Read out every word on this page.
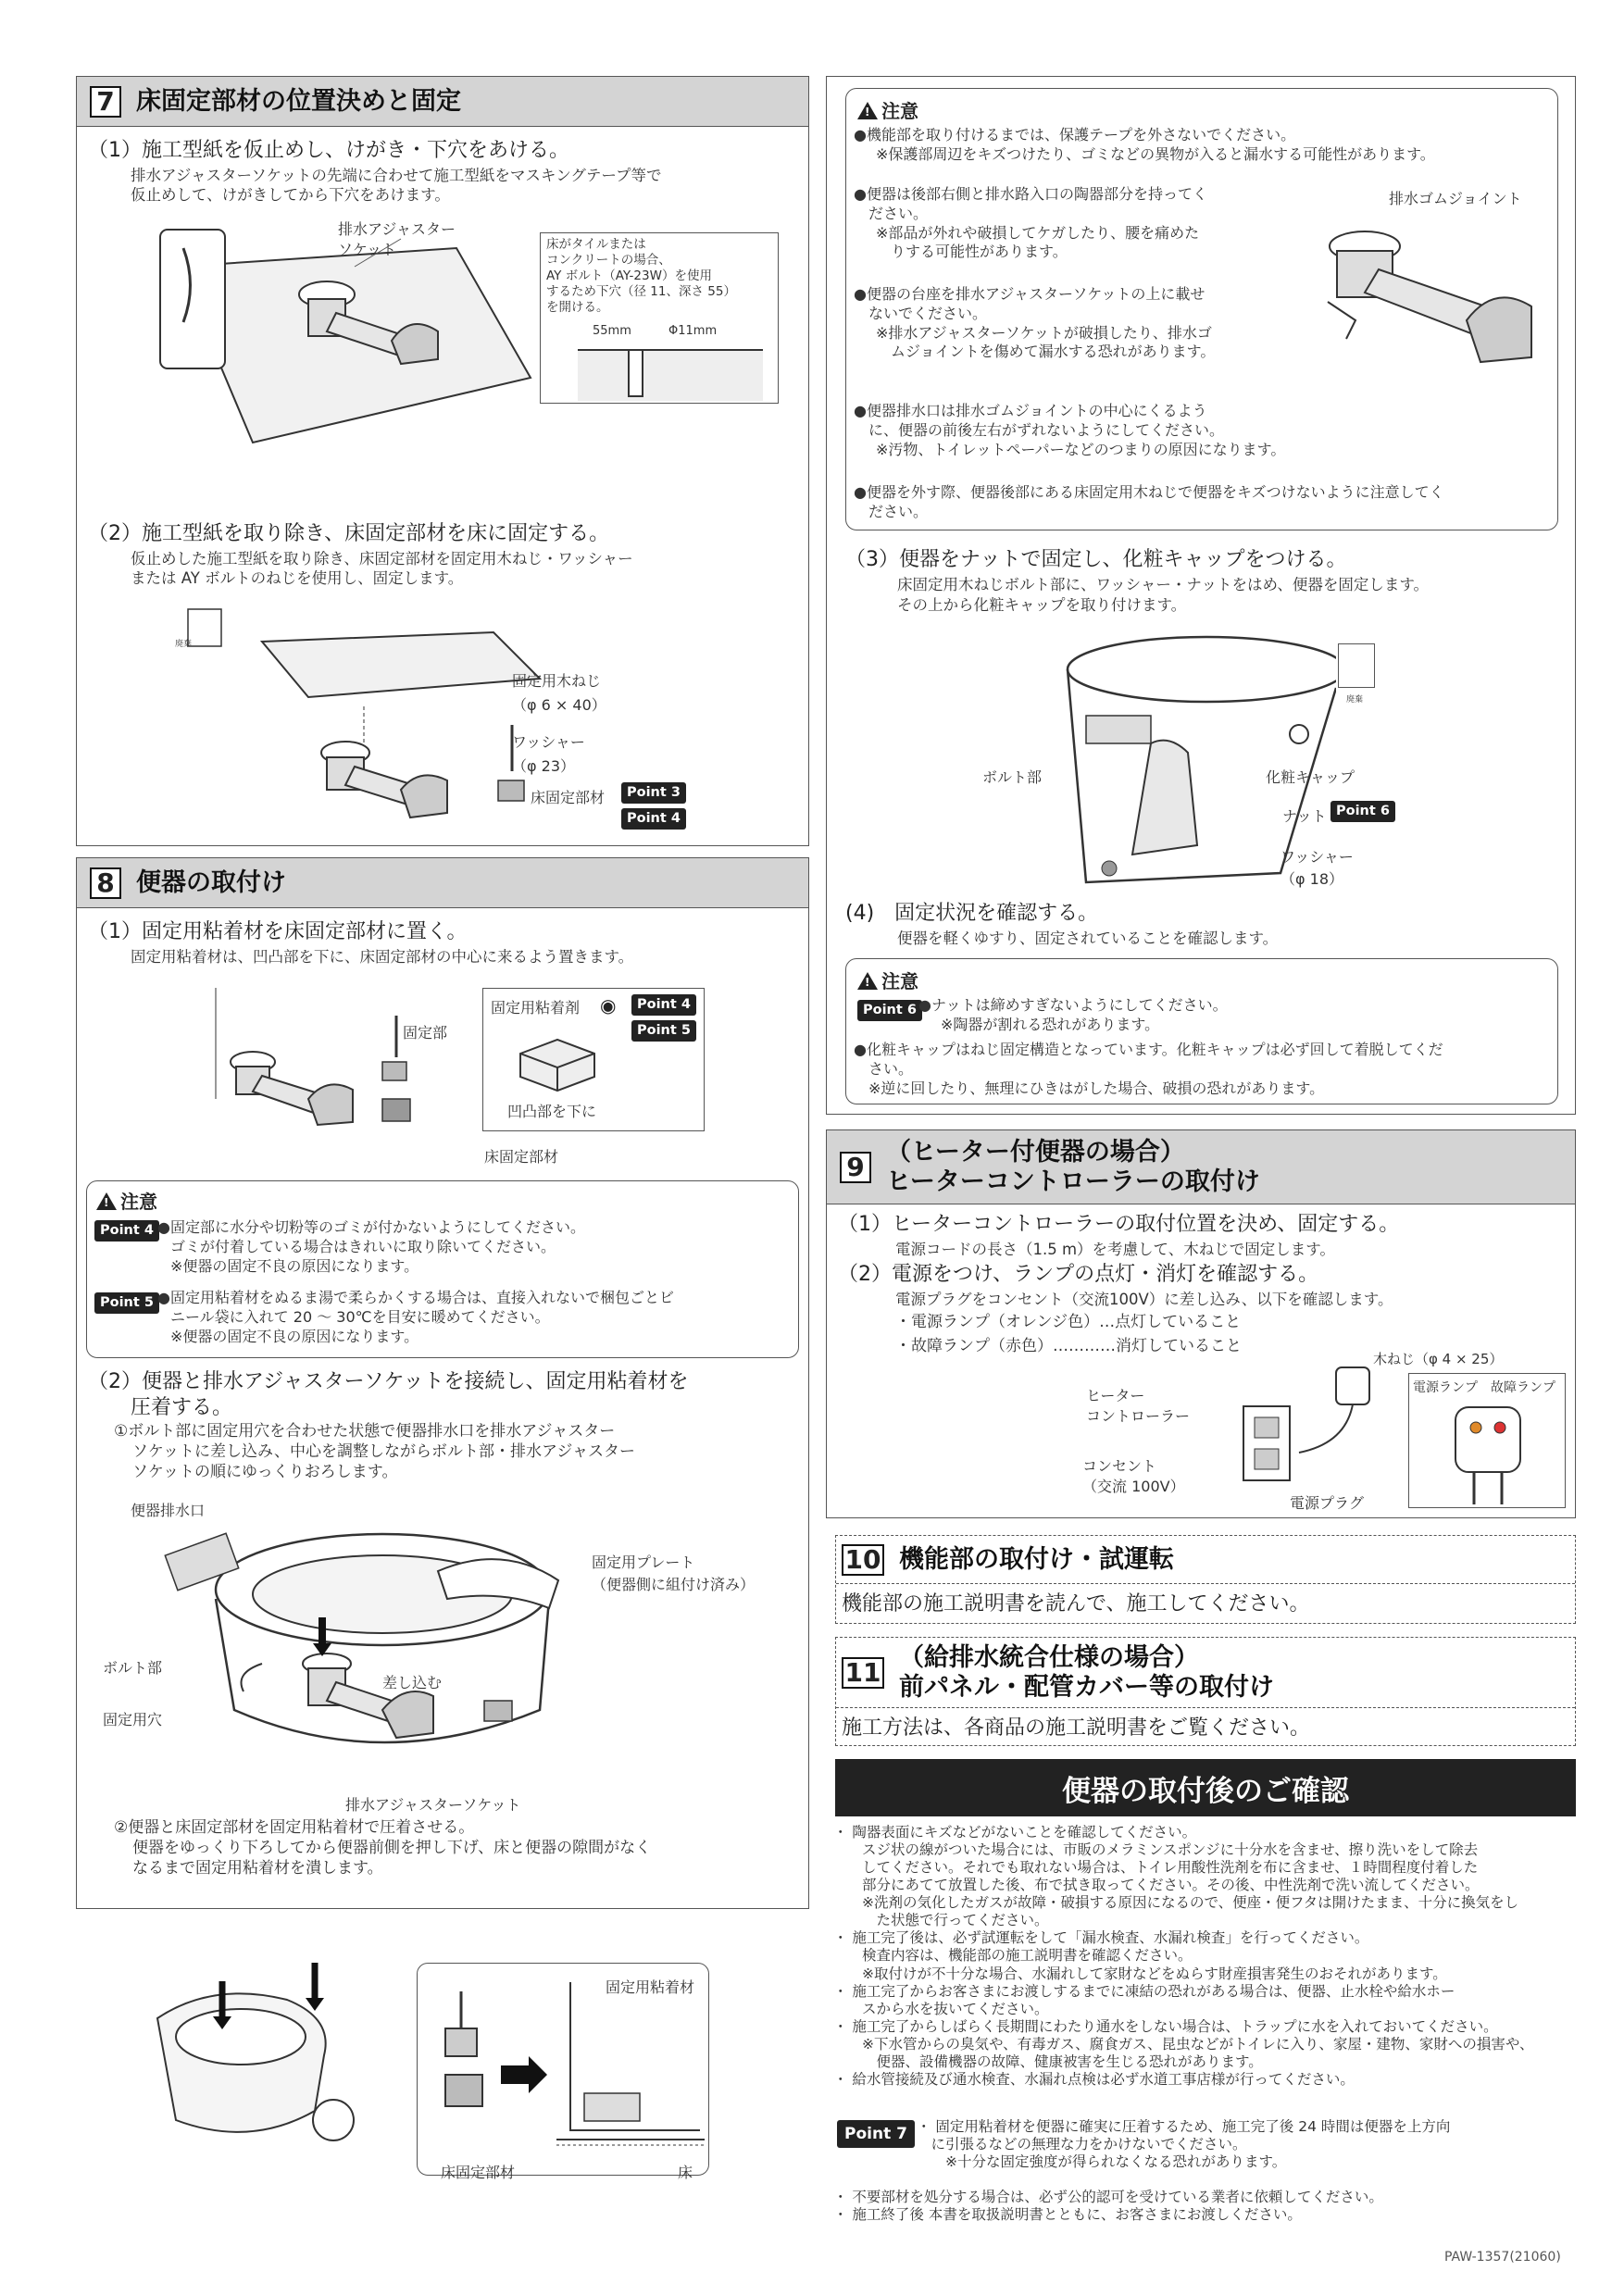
7 床固定部材の位置決めと固定
（1）施工型紙を仮止めし、けがき・下穴をあける。
排水アジャスターソケットの先端に合わせて施工型紙をマスキングテープ等で
仮止めして、けがきしてから下穴をあけます。
排水アジャスター
ソケット	床がタイルまたは
コンクリートの場合、
AY ボルト（AY-23W）を使用
するため下穴（径 11、深さ 55）
を開ける。
55mm	Φ11mm
（2）施工型紙を取り除き、床固定部材を床に固定する。
仮止めした施工型紙を取り除き、床固定部材を固定用木ねじ・ワッシャー
または AY ボルトのねじを使用し、固定します。
廃棄
固定用木ねじ
（φ 6 × 40）
ワッシャー
（φ 23）
床固定部材	Point 3
Point 4
8 便器の取付け
（1）固定用粘着材を床固定部材に置く。
固定用粘着材は、凹凸部を下に、床固定部材の中心に来るよう置きます。
固定部
固定用粘着剤 ◉	Point 4
Point 5
凹凸部を下に
床固定部材
!注意
Point 4 ●固定部に水分や切粉等のゴミが付かないようにしてください。
ゴミが付着している場合はきれいに取り除いてください。
※便器の固定不良の原因になります。
Point 5 ●固定用粘着材をぬるま湯で柔らかくする場合は、直接入れないで梱包ごとビ
ニール袋に入れて 20 ～ 30℃を目安に暖めてください。
※便器の固定不良の原因になります。
（2）便器と排水アジャスターソケットを接続し、固定用粘着材を
圧着する。
①ボルト部に固定用穴を合わせた状態で便器排水口を排水アジャスター
ソケットに差し込み、中心を調整しながらボルト部・排水アジャスター
ソケットの順にゆっくりおろします。
便器排水口
固定用プレート
（便器側に組付け済み）
ボルト部
差し込む
固定用穴
排水アジャスターソケット
②便器と床固定部材を固定用粘着材で圧着させる。
便器をゆっくり下ろしてから便器前側を押し下げ、床と便器の隙間がなく
なるまで固定用粘着材を潰します。
固定用粘着材
床固定部材	床
!注意
●機能部を取り付けるまでは、保護テープを外さないでください。
※保護部周辺をキズつけたり、ゴミなどの異物が入ると漏水する可能性があります。
●便器は後部右側と排水路入口の陶器部分を持ってく
ださい。
※部品が外れや破損してケガしたり、腰を痛めた
りする可能性があります。
排水ゴムジョイント
●便器の台座を排水アジャスターソケットの上に載せ
ないでください。
※排水アジャスターソケットが破損したり、排水ゴ
ムジョイントを傷めて漏水する恐れがあります。
●便器排水口は排水ゴムジョイントの中心にくるよう
に、便器の前後左右がずれないようにしてください。
※汚物、トイレットペーパーなどのつまりの原因になります。
●便器を外す際、便器後部にある床固定用木ねじで便器をキズつけないように注意してく
ださい。
（3）便器をナットで固定し、化粧キャップをつける。
床固定用木ねじボルト部に、ワッシャー・ナットをはめ、便器を固定します。
その上から化粧キャップを取り付けます。
廃棄
ボルト部	化粧キャップ
ナット Point 6
ワッシャー
（φ 18）
(4)　固定状況を確認する。
便器を軽くゆすり、固定されていることを確認します。
!注意
Point 6 ●ナットは締めすぎないようにしてください。
※陶器が割れる恐れがあります。
●化粧キャップはねじ固定構造となっています。化粧キャップは必ず回して着脱してくだ
さい。
※逆に回したり、無理にひきはがした場合、破損の恐れがあります。
9 （ヒーター付便器の場合）
ヒーターコントローラーの取付け
（1）ヒーターコントローラーの取付位置を決め、固定する。
電源コードの長さ（1.5 m）を考慮して、木ねじで固定します。
（2）電源をつけ、ランプの点灯・消灯を確認する。
電源プラグをコンセント（交流100V）に差し込み、以下を確認します。
・電源ランプ（オレンジ色）…点灯していること
・故障ランプ（赤色）…………消灯していること
木ねじ（φ 4 × 25）
ヒーター
コントローラー
コンセント
（交流 100V）
電源プラグ
電源ランプ 故障ランプ
10 機能部の取付け・試運転
機能部の施工説明書を読んで、施工してください。
11 （給排水統合仕様の場合）
前パネル・配管カバー等の取付け
施工方法は、各商品の施工説明書をご覧ください。
便器の取付後のご確認
・ 陶器表面にキズなどがないことを確認してください。
　　スジ状の線がついた場合には、市販のメラミンスポンジに十分水を含ませ、擦り洗いをして除去
　　してください。それでも取れない場合は、トイレ用酸性洗剤を布に含ませ、１時間程度付着した
　　部分にあてて放置した後、布で拭き取ってください。その後、中性洗剤で洗い流してください。
　　※洗剤の気化したガスが故障・破損する原因になるので、便座・便フタは開けたまま、十分に換気をし
　　　た状態で行ってください。
・ 施工完了後は、必ず試運転をして「漏水検査、水漏れ検査」を行ってください。
　　検査内容は、機能部の施工説明書を確認ください。
　　※取付けが不十分な場合、水漏れして家財などをぬらす財産損害発生のおそれがあります。
・ 施工完了からお客さまにお渡しするまでに凍結の恐れがある場合は、便器、止水栓や給水ホー
　　スから水を抜いてください。
・ 施工完了からしばらく長期間にわたり通水をしない場合は、トラップに水を入れておいてください。
　　※下水管からの臭気や、有毒ガス、腐食ガス、昆虫などがトイレに入り、家屋・建物、家財への損害や、
　　　便器、設備機器の故障、健康被害を生じる恐れがあります。
・ 給水管接続及び通水検査、水漏れ点検は必ず水道工事店様が行ってください。
Point 7 ・ 固定用粘着材を便器に確実に圧着するため、施工完了後 24 時間は便器を上方向
　に引張るなどの無理な力をかけないでください。
　　※十分な固定強度が得られなくなる恐れがあります。
・ 不要部材を処分する場合は、必ず公的認可を受けている業者に依頼してください。
・ 施工終了後 本書を取扱説明書とともに、お客さまにお渡しください。
PAW-1357(21060)
